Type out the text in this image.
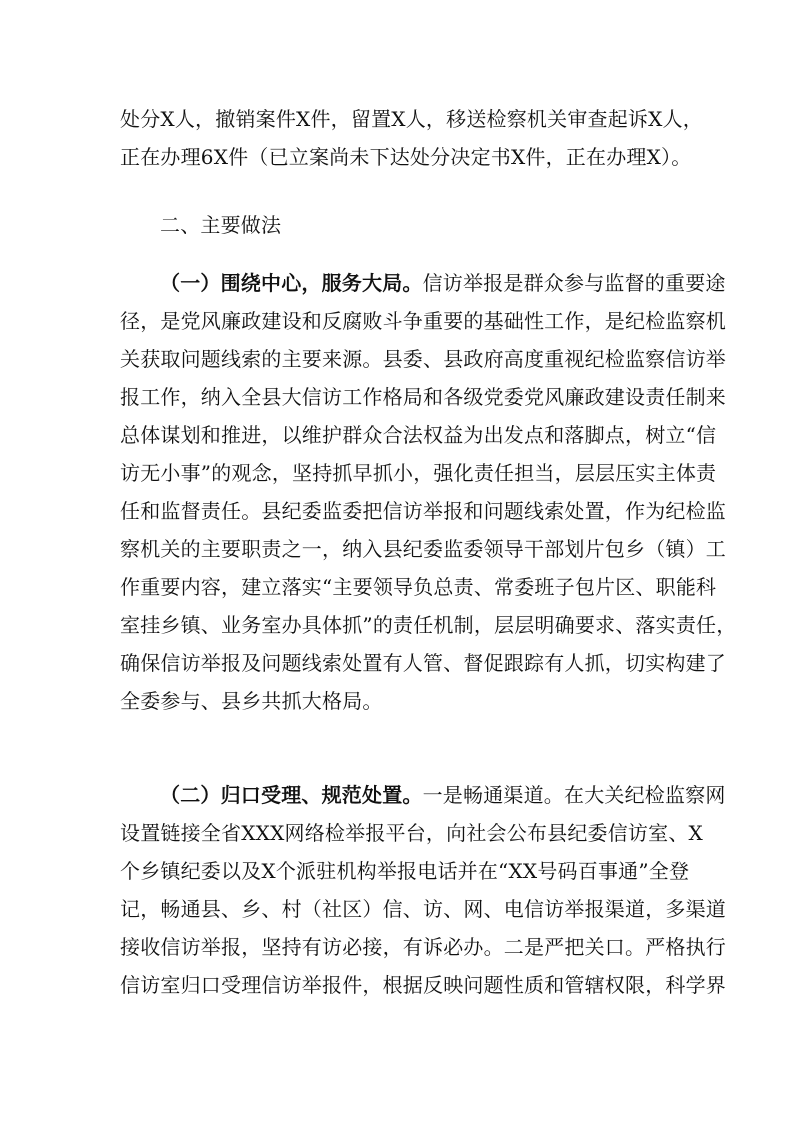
处分X人，撤销案件X件，留置X人，移送检察机关审查起诉X人，
正在办理6X件（已立案尚未下达处分决定书X件，正在办理X）。

二、主要做法

（一）围绕中心，服务大局。信访举报是群众参与监督的重要途
径，是党风廉政建设和反腐败斗争重要的基础性工作，是纪检监察机
关获取问题线索的主要来源。县委、县政府高度重视纪检监察信访举
报工作，纳入全县大信访工作格局和各级党委党风廉政建设责任制来
总体谋划和推进，以维护群众合法权益为出发点和落脚点，树立“信
访无小事”的观念，坚持抓早抓小，强化责任担当，层层压实主体责
任和监督责任。县纪委监委把信访举报和问题线索处置，作为纪检监
察机关的主要职责之一，纳入县纪委监委领导干部划片包乡（镇）工
作重要内容，建立落实“主要领导负总责、常委班子包片区、职能科
室挂乡镇、业务室办具体抓”的责任机制，层层明确要求、落实责任，
确保信访举报及问题线索处置有人管、督促跟踪有人抓，切实构建了
全委参与、县乡共抓大格局。

（二）归口受理、规范处置。一是畅通渠道。在大关纪检监察网
设置链接全省XXX网络检举报平台，向社会公布县纪委信访室、X
个乡镇纪委以及X个派驻机构举报电话并在“XX号码百事通”全登
记，畅通县、乡、村（社区）信、访、网、电信访举报渠道，多渠道
接收信访举报，坚持有访必接，有诉必办。二是严把关口。严格执行
信访室归口受理信访举报件，根据反映问题性质和管辖权限，科学界
